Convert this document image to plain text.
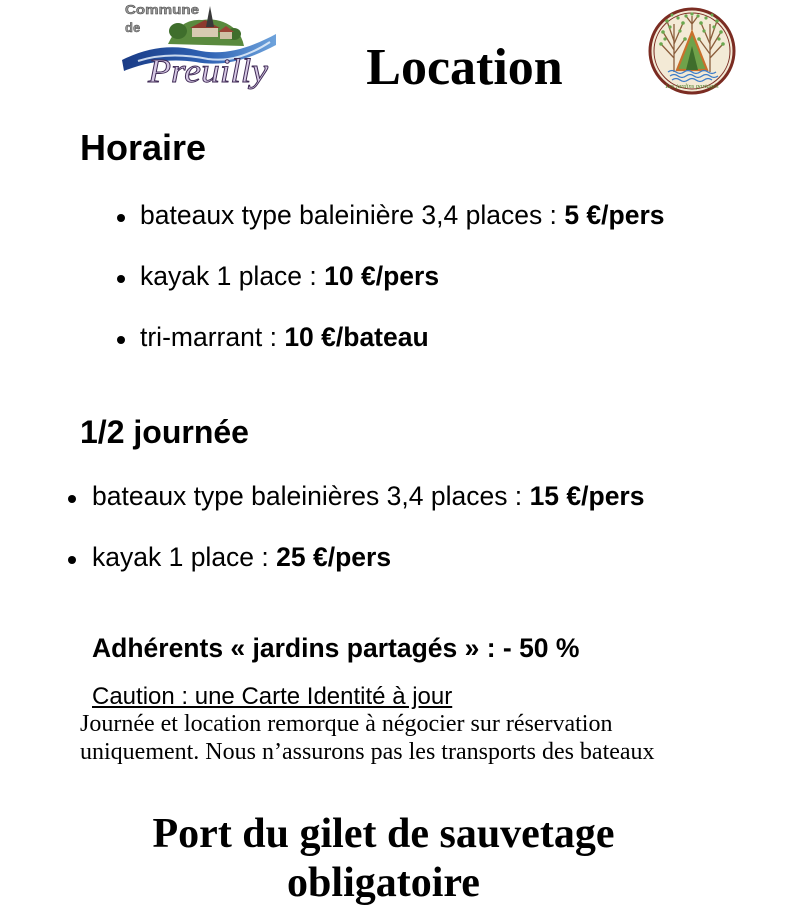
Commune
de
Preuilly	Location	Les jardins partagés
Horaire
bateaux type baleinière 3,4 places : 5 €/pers
kayak 1 place : 10 €/pers
tri-marrant : 10 €/bateau
1/2 journée
bateaux type baleinières 3,4 places : 15 €/pers
kayak 1 place : 25 €/pers
Adhérents « jardins partagés » : - 50 %
Caution : une Carte Identité à jour
Journée et location remorque à négocier sur réservation
uniquement. Nous n’assurons pas les transports des bateaux
Port du gilet de sauvetage
obligatoire
